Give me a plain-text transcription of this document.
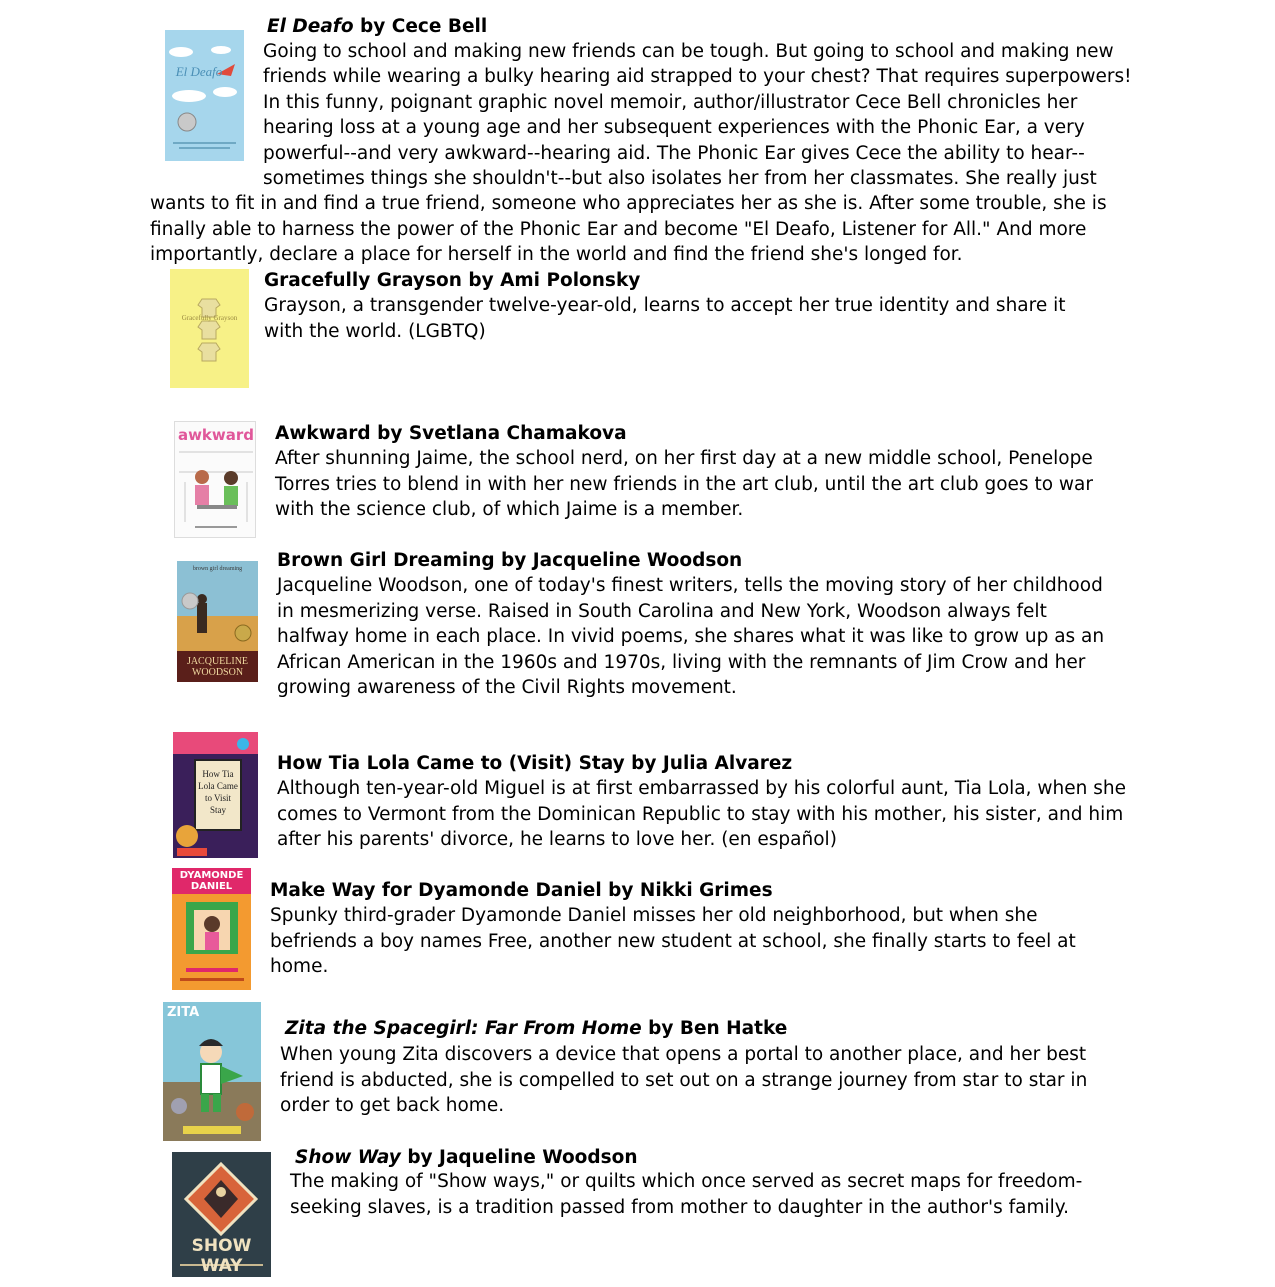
El Deafo
El Deafo by Cece Bell

Going to school and making new friends can be tough. But going to school and making new friends while wearing a bulky hearing aid strapped to your chest? That requires superpowers! In this funny, poignant graphic novel memoir, author/illustrator Cece Bell chronicles her hearing loss at a young age and her subsequent experiences with the Phonic Ear, a very powerful--and very awkward--hearing aid. The Phonic Ear gives Cece the ability to hear--sometimes things she shouldn't--but also isolates her from her classmates. She really just wants to fit in and find a true friend, someone who appreciates her as she is. After some trouble, she is finally able to harness the power of the Phonic Ear and become "El Deafo, Listener for All." And more importantly, declare a place for herself in the world and find the friend she's longed for.

Gracefully Grayson
Gracefully Grayson by Ami Polonsky

Grayson, a transgender twelve-year-old, learns to accept her true identity and share it with the world. (LGBTQ)

awkward Awkward by Svetlana Chamakova

After shunning Jaime, the school nerd, on her first day at a new middle school, Penelope Torres tries to blend in with her new friends in the art club, until the art club goes to war with the science club, of which Jaime is a member.

brown girl dreaming
JACQUELINE WOODSON
Brown Girl Dreaming by Jacqueline Woodson

Jacqueline Woodson, one of today's finest writers, tells the moving story of her childhood in mesmerizing verse. Raised in South Carolina and New York, Woodson always felt halfway home in each place. In vivid poems, she shares what it was like to grow up as an African American in the 1960s and 1970s, living with the remnants of Jim Crow and her growing awareness of the Civil Rights movement.

How Tia Lola Came to Visit Stay
How Tia Lola Came to (Visit) Stay by Julia Alvarez

Although ten-year-old Miguel is at first embarrassed by his colorful aunt, Tia Lola, when she comes to Vermont from the Dominican Republic to stay with his mother, his sister, and him after his parents' divorce, he learns to love her. (en español)

DYAMONDE DANIEL	Make Way for Dyamonde Daniel by Nikki Grimes

Spunky third-grader Dyamonde Daniel misses her old neighborhood, but when she befriends a boy names Free, another new student at school, she finally starts to feel at home.

ZITA
Zita the Spacegirl: Far From Home by Ben Hatke

When young Zita discovers a device that opens a portal to another place, and her best friend is abducted, she is compelled to set out on a strange journey from star to star in order to get back home.

SHOW WAY
Show Way by Jaqueline Woodson

The making of "Show ways," or quilts which once served as secret maps for freedom-seeking slaves, is a tradition passed from mother to daughter in the author's family.
